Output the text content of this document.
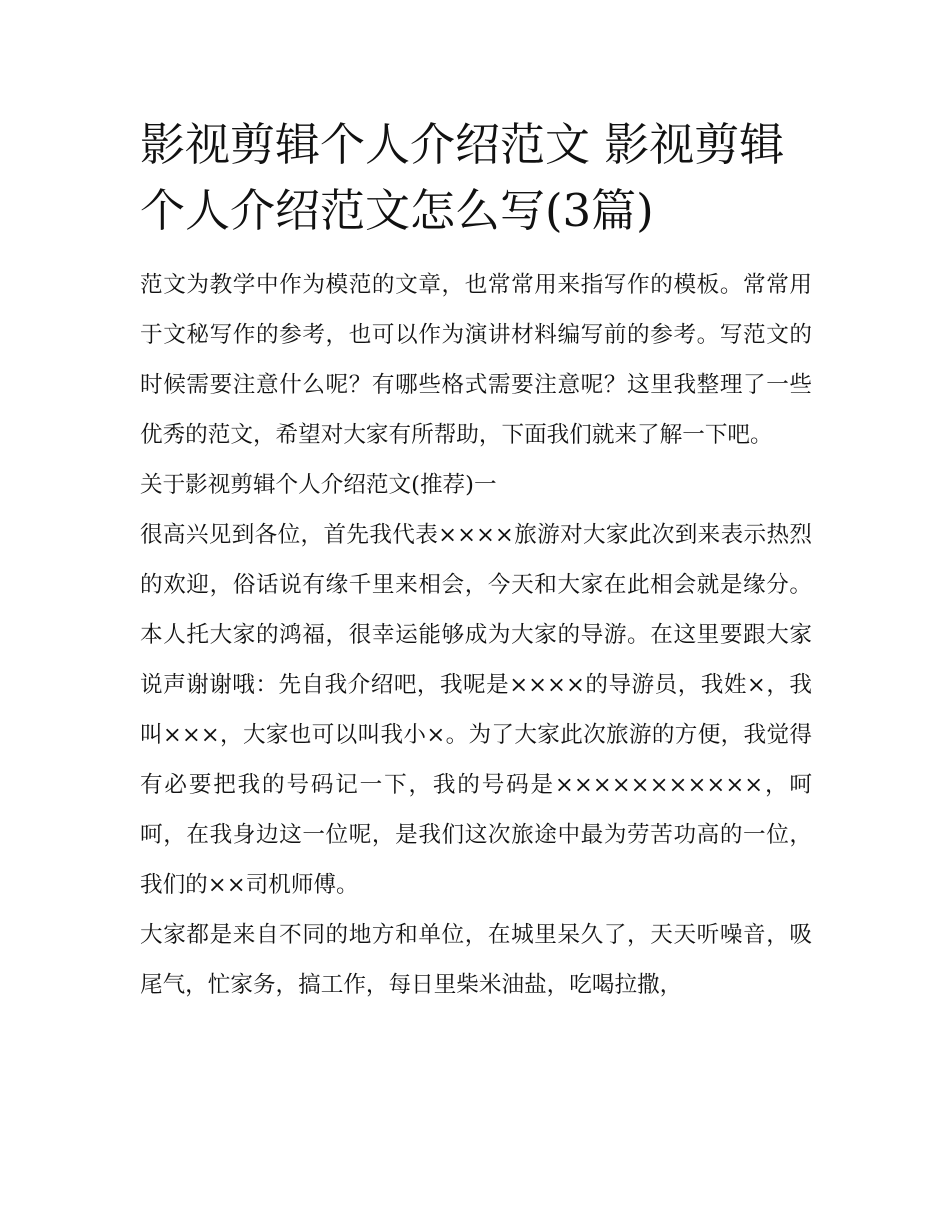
影视剪辑个人介绍范文 影视剪辑个人介绍范文怎么写(3篇)

范文为教学中作为模范的文章，也常常用来指写作的模板。常常用于文秘写作的参考，也可以作为演讲材料编写前的参考。写范文的时候需要注意什么呢？有哪些格式需要注意呢？这里我整理了一些优秀的范文，希望对大家有所帮助，下面我们就来了解一下吧。

关于影视剪辑个人介绍范文(推荐)一

很高兴见到各位，首先我代表××××旅游对大家此次到来表示热烈的欢迎，俗话说有缘千里来相会，今天和大家在此相会就是缘分。本人托大家的鸿福，很幸运能够成为大家的导游。在这里要跟大家说声谢谢哦：先自我介绍吧，我呢是××××的导游员，我姓×，我叫×××，大家也可以叫我小×。为了大家此次旅游的方便，我觉得有必要把我的号码记一下，我的号码是×××××××××××，呵呵，在我身边这一位呢，是我们这次旅途中最为劳苦功高的一位，我们的××司机师傅。

大家都是来自不同的地方和单位，在城里呆久了，天天听噪音，吸尾气，忙家务，搞工作，每日里柴米油盐，吃喝拉撒，
